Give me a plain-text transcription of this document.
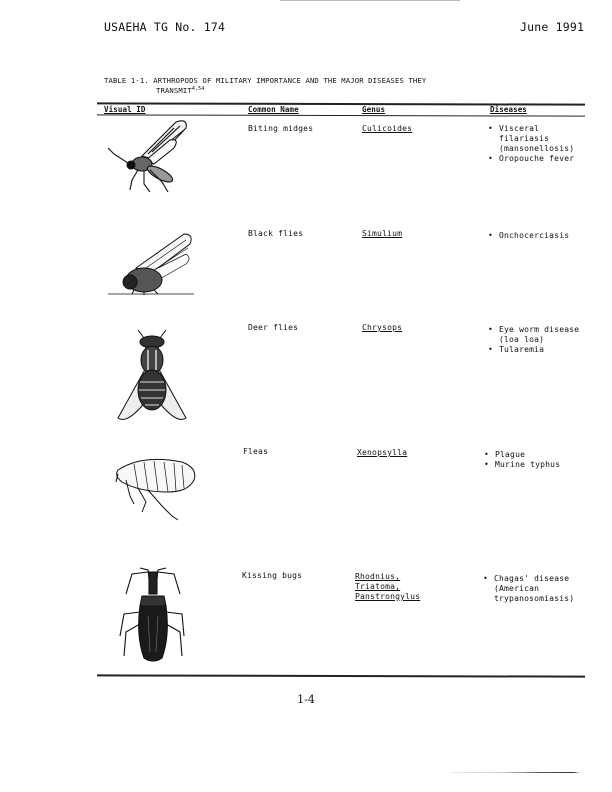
USAEHA TG No. 174	June 1991
TABLE 1-1. ARTHROPODS OF MILITARY IMPORTANCE AND THE MAJOR DISEASES THEY
TRANSMIT$^{4,54}$
Visual ID	Common Name	Genus	Diseases
Biting midges	Culicoides	• Visceral filariasis (mansonellosis)
• Oropouche fever
Black flies	Simulium	• Onchocerciasis
Deer flies	Chrysops	• Eye worm disease (loa loa)
• Tularemia
Fleas	Xenopsylla	• Plague
• Murine typhus
Kissing bugs	Rhodnius,
Triatoma,
Panstrongylus
• Chagas' disease (American trypanosomiasis)
1-4
